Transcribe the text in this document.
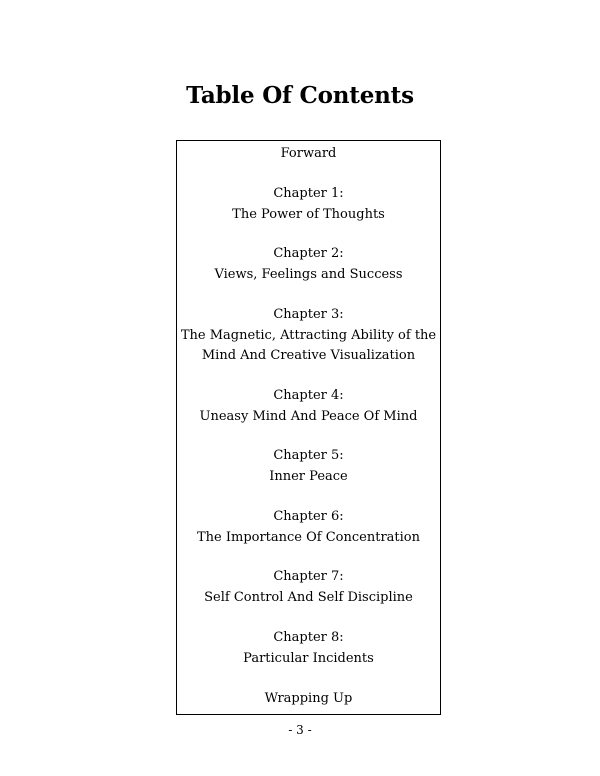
Table Of Contents
Forward
Chapter 1:
The Power of Thoughts
Chapter 2:
Views, Feelings and Success
Chapter 3:
The Magnetic, Attracting Ability of the
Mind And Creative Visualization
Chapter 4:
Uneasy Mind And Peace Of Mind
Chapter 5:
Inner Peace
Chapter 6:
The Importance Of Concentration
Chapter 7:
Self Control And Self Discipline
Chapter 8:
Particular Incidents
Wrapping Up
- 3 -
